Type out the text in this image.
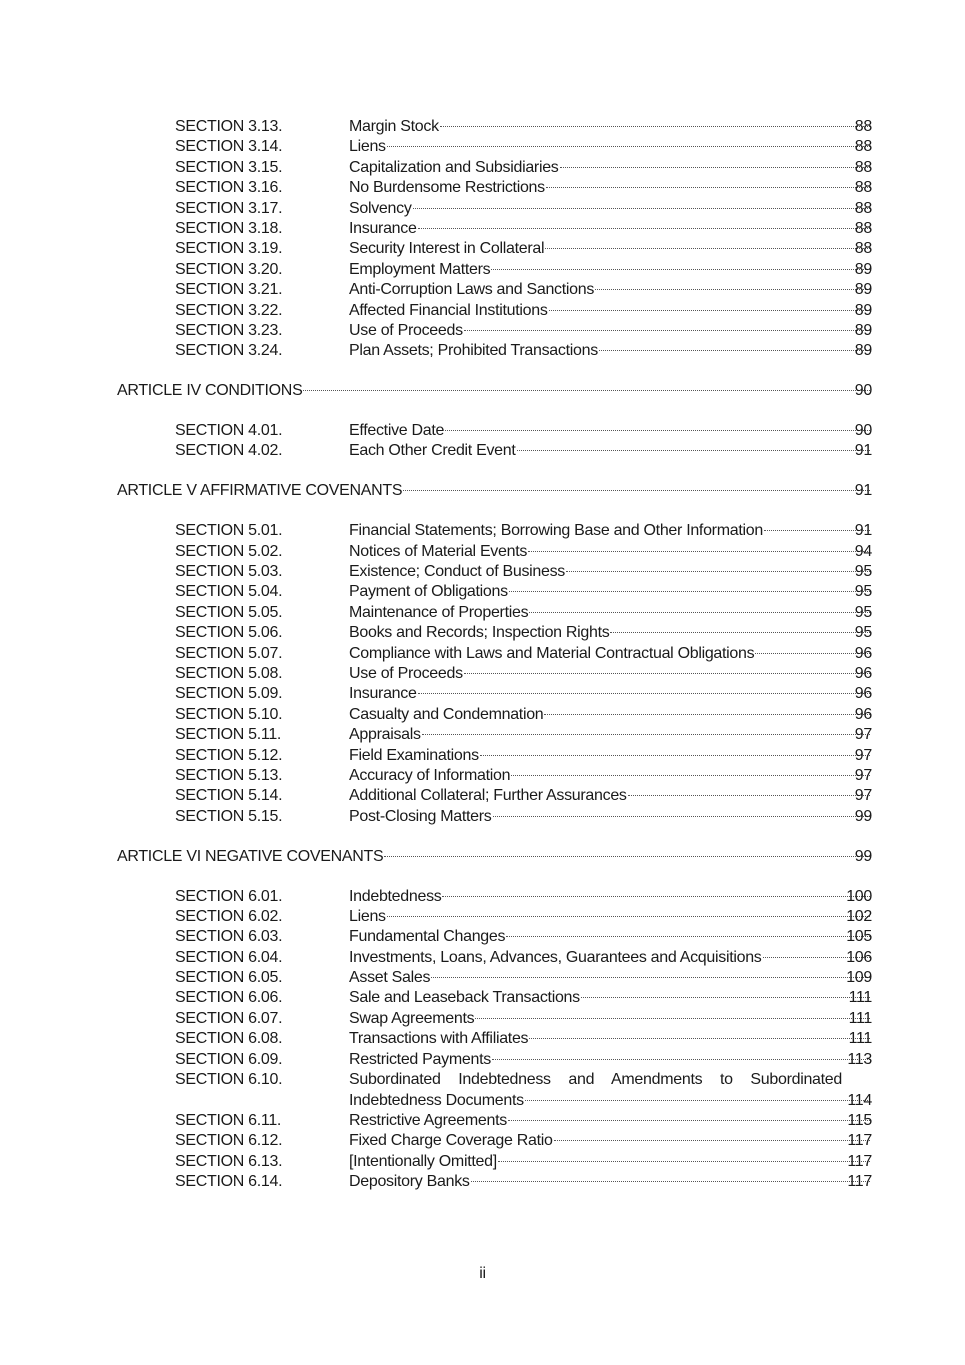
SECTION 3.13.	Margin Stock	88
SECTION 3.14.	Liens	88
SECTION 3.15.	Capitalization and Subsidiaries	88
SECTION 3.16.	No Burdensome Restrictions	88
SECTION 3.17.	Solvency	88
SECTION 3.18.	Insurance	88
SECTION 3.19.	Security Interest in Collateral	88
SECTION 3.20.	Employment Matters	89
SECTION 3.21.	Anti-Corruption Laws and Sanctions	89
SECTION 3.22.	Affected Financial Institutions	89
SECTION 3.23.	Use of Proceeds	89
SECTION 3.24.	Plan Assets; Prohibited Transactions	89
ARTICLE IV CONDITIONS	90
SECTION 4.01.	Effective Date	90
SECTION 4.02.	Each Other Credit Event	91
ARTICLE V AFFIRMATIVE COVENANTS	91
SECTION 5.01.	Financial Statements; Borrowing Base and Other Information	91
SECTION 5.02.	Notices of Material Events	94
SECTION 5.03.	Existence; Conduct of Business	95
SECTION 5.04.	Payment of Obligations	95
SECTION 5.05.	Maintenance of Properties	95
SECTION 5.06.	Books and Records; Inspection Rights	95
SECTION 5.07.	Compliance with Laws and Material Contractual Obligations	96
SECTION 5.08.	Use of Proceeds	96
SECTION 5.09.	Insurance	96
SECTION 5.10.	Casualty and Condemnation	96
SECTION 5.11.	Appraisals	97
SECTION 5.12.	Field Examinations	97
SECTION 5.13.	Accuracy of Information	97
SECTION 5.14.	Additional Collateral; Further Assurances	97
SECTION 5.15.	Post-Closing Matters	99
ARTICLE VI NEGATIVE COVENANTS	99
SECTION 6.01.	Indebtedness	100
SECTION 6.02.	Liens	102
SECTION 6.03.	Fundamental Changes	105
SECTION 6.04.	Investments, Loans, Advances, Guarantees and Acquisitions	106
SECTION 6.05.	Asset Sales	109
SECTION 6.06.	Sale and Leaseback Transactions	111
SECTION 6.07.	Swap Agreements	111
SECTION 6.08.	Transactions with Affiliates	111
SECTION 6.09.	Restricted Payments	113
SECTION 6.10.	Subordinated Indebtedness and Amendments to Subordinated
Indebtedness Documents	114
SECTION 6.11.	Restrictive Agreements	115
SECTION 6.12.	Fixed Charge Coverage Ratio	117
SECTION 6.13.	[Intentionally Omitted]	117
SECTION 6.14.	Depository Banks	117
ii
